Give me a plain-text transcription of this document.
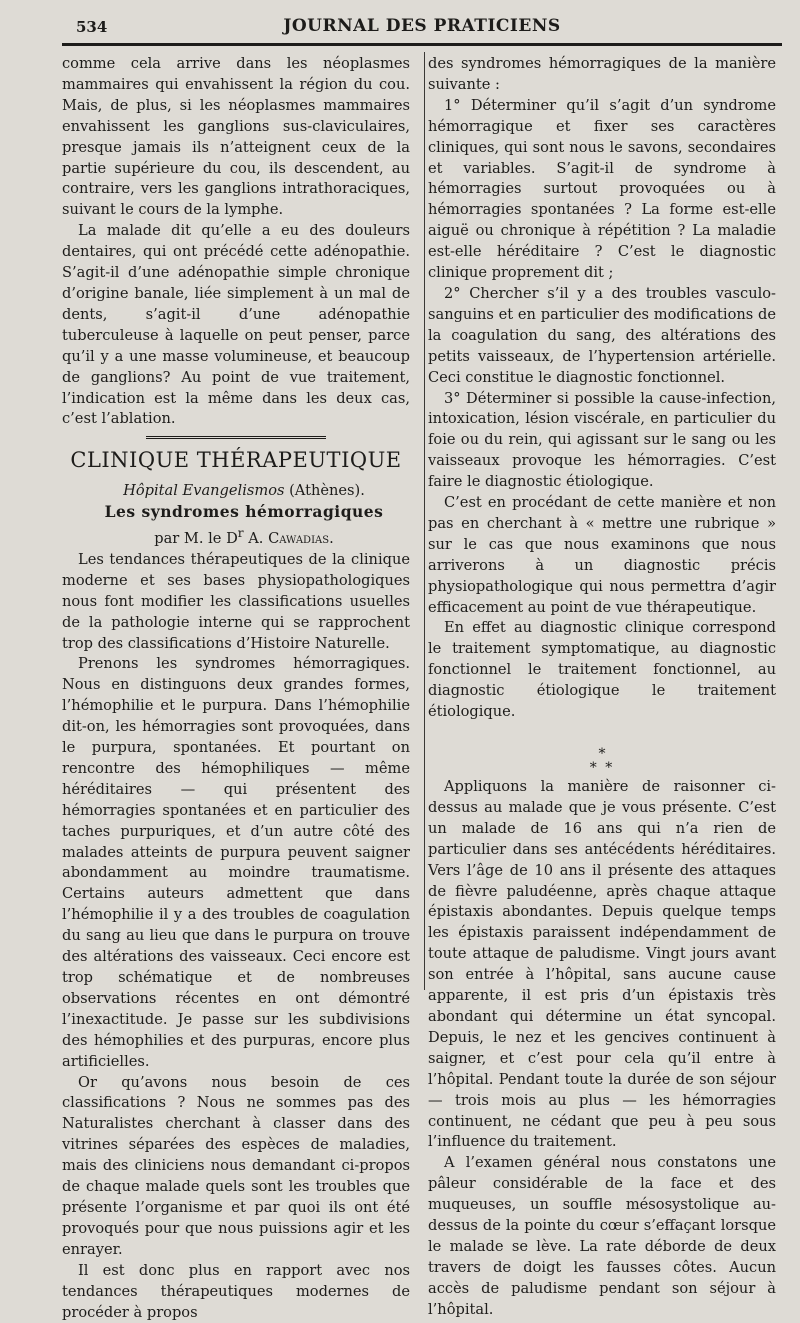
534	JOURNAL DES PRATICIENS

comme cela arrive dans les néoplasmes mammaires qui envahissent la région du cou. Mais, de plus, si les néoplasmes mammaires envahissent les ganglions sus-claviculaires, presque jamais ils n’atteignent ceux de la partie supérieure du cou, ils descendent, au contraire, vers les ganglions intrathoraciques, suivant le cours de la lymphe.

La malade dit qu’elle a eu des douleurs dentaires, qui ont précédé cette adénopathie. S’agit-il d’une adénopathie simple chronique d’origine banale, liée simplement à un mal de dents, s’agit-il d’une adénopathie tuberculeuse à laquelle on peut penser, parce qu’il y a une masse volumineuse, et beaucoup de ganglions? Au point de vue traitement, l’indication est la même dans les deux cas, c’est l’ablation.

CLINIQUE THÉRAPEUTIQUE

Hôpital Evangelismos (Athènes).

Les syndromes hémorragiques

par M. le $D^r$ A. Cawadias.

Les tendances thérapeutiques de la clinique moderne et ses bases physiopathologiques nous font modifier les classifications usuelles de la pathologie interne qui se rapprochent trop des classifications d’Histoire Naturelle.

Prenons les syndromes hémorragiques. Nous en distinguons deux grandes formes, l’hémophilie et le purpura. Dans l’hémophilie dit-on, les hémorragies sont provoquées, dans le purpura, spontanées. Et pourtant on rencontre des hémophiliques — même héréditaires — qui présentent des hémorragies spontanées et en particulier des taches purpuriques, et d’un autre côté des malades atteints de purpura peuvent saigner abondamment au moindre traumatisme. Certains auteurs admettent que dans l’hémophilie il y a des troubles de coagulation du sang au lieu que dans le purpura on trouve des altérations des vaisseaux. Ceci encore est trop schématique et de nombreuses observations récentes en ont démontré l’inexactitude. Je passe sur les subdivisions des hémophilies et des purpuras, encore plus artificielles.

Or qu’avons nous besoin de ces classifications ? Nous ne sommes pas des Naturalistes cherchant à classer dans des vitrines séparées des espèces de maladies, mais des cliniciens nous demandant ci-propos de chaque malade quels sont les troubles que présente l’organisme et par quoi ils ont été provoqués pour que nous puissions agir et les enrayer.

Il est donc plus en rapport avec nos tendances thérapeutiques modernes de procéder à propos

des syndromes hémorragiques de la manière suivante :

1° Déterminer qu’il s’agit d’un syndrome hémorragique et fixer ses caractères cliniques, qui sont nous le savons, secondaires et variables. S’agit-il de syndrome à hémorragies surtout provoquées ou à hémorragies spontanées ? La forme est-elle aiguë ou chronique à répétition ? La maladie est-elle héréditaire ? C’est le diagnostic clinique proprement dit ;

2° Chercher s’il y a des troubles vasculo-sanguins et en particulier des modifications de la coagulation du sang, des altérations des petits vaisseaux, de l’hypertension artérielle. Ceci constitue le diagnostic fonctionnel.

3° Déterminer si possible la cause-infection, intoxication, lésion viscérale, en particulier du foie ou du rein, qui agissant sur le sang ou les vaisseaux provoque les hémorragies. C’est faire le diagnostic étiologique.

C’est en procédant de cette manière et non pas en cherchant à « mettre une rubrique » sur le cas que nous examinons que nous arriverons à un diagnostic précis physiopathologique qui nous permettra d’agir efficacement au point de vue thérapeutique.

En effet au diagnostic clinique correspond le traitement symptomatique, au diagnostic fonctionnel le traitement fonctionnel, au diagnostic étiologique le traitement étiologique.

*
* *

Appliquons la manière de raisonner ci-dessus au malade que je vous présente. C’est un malade de 16 ans qui n’a rien de particulier dans ses antécédents héréditaires. Vers l’âge de 10 ans il présente des attaques de fièvre paludéenne, après chaque attaque épistaxis abondantes. Depuis quelque temps les épistaxis paraissent indépendamment de toute attaque de paludisme. Vingt jours avant son entrée à l’hôpital, sans aucune cause apparente, il est pris d’un épistaxis très abondant qui détermine un état syncopal. Depuis, le nez et les gencives continuent à saigner, et c’est pour cela qu’il entre à l’hôpital. Pendant toute la durée de son séjour — trois mois au plus — les hémorragies continuent, ne cédant que peu à peu sous l’influence du traitement.

A l’examen général nous constatons une pâleur considérable de la face et des muqueuses, un souffle mésosystolique au-dessus de la pointe du cœur s’effaçant lorsque le malade se lève. La rate déborde de deux travers de doigt les fausses côtes. Aucun accès de paludisme pendant son séjour à l’hôpital.
